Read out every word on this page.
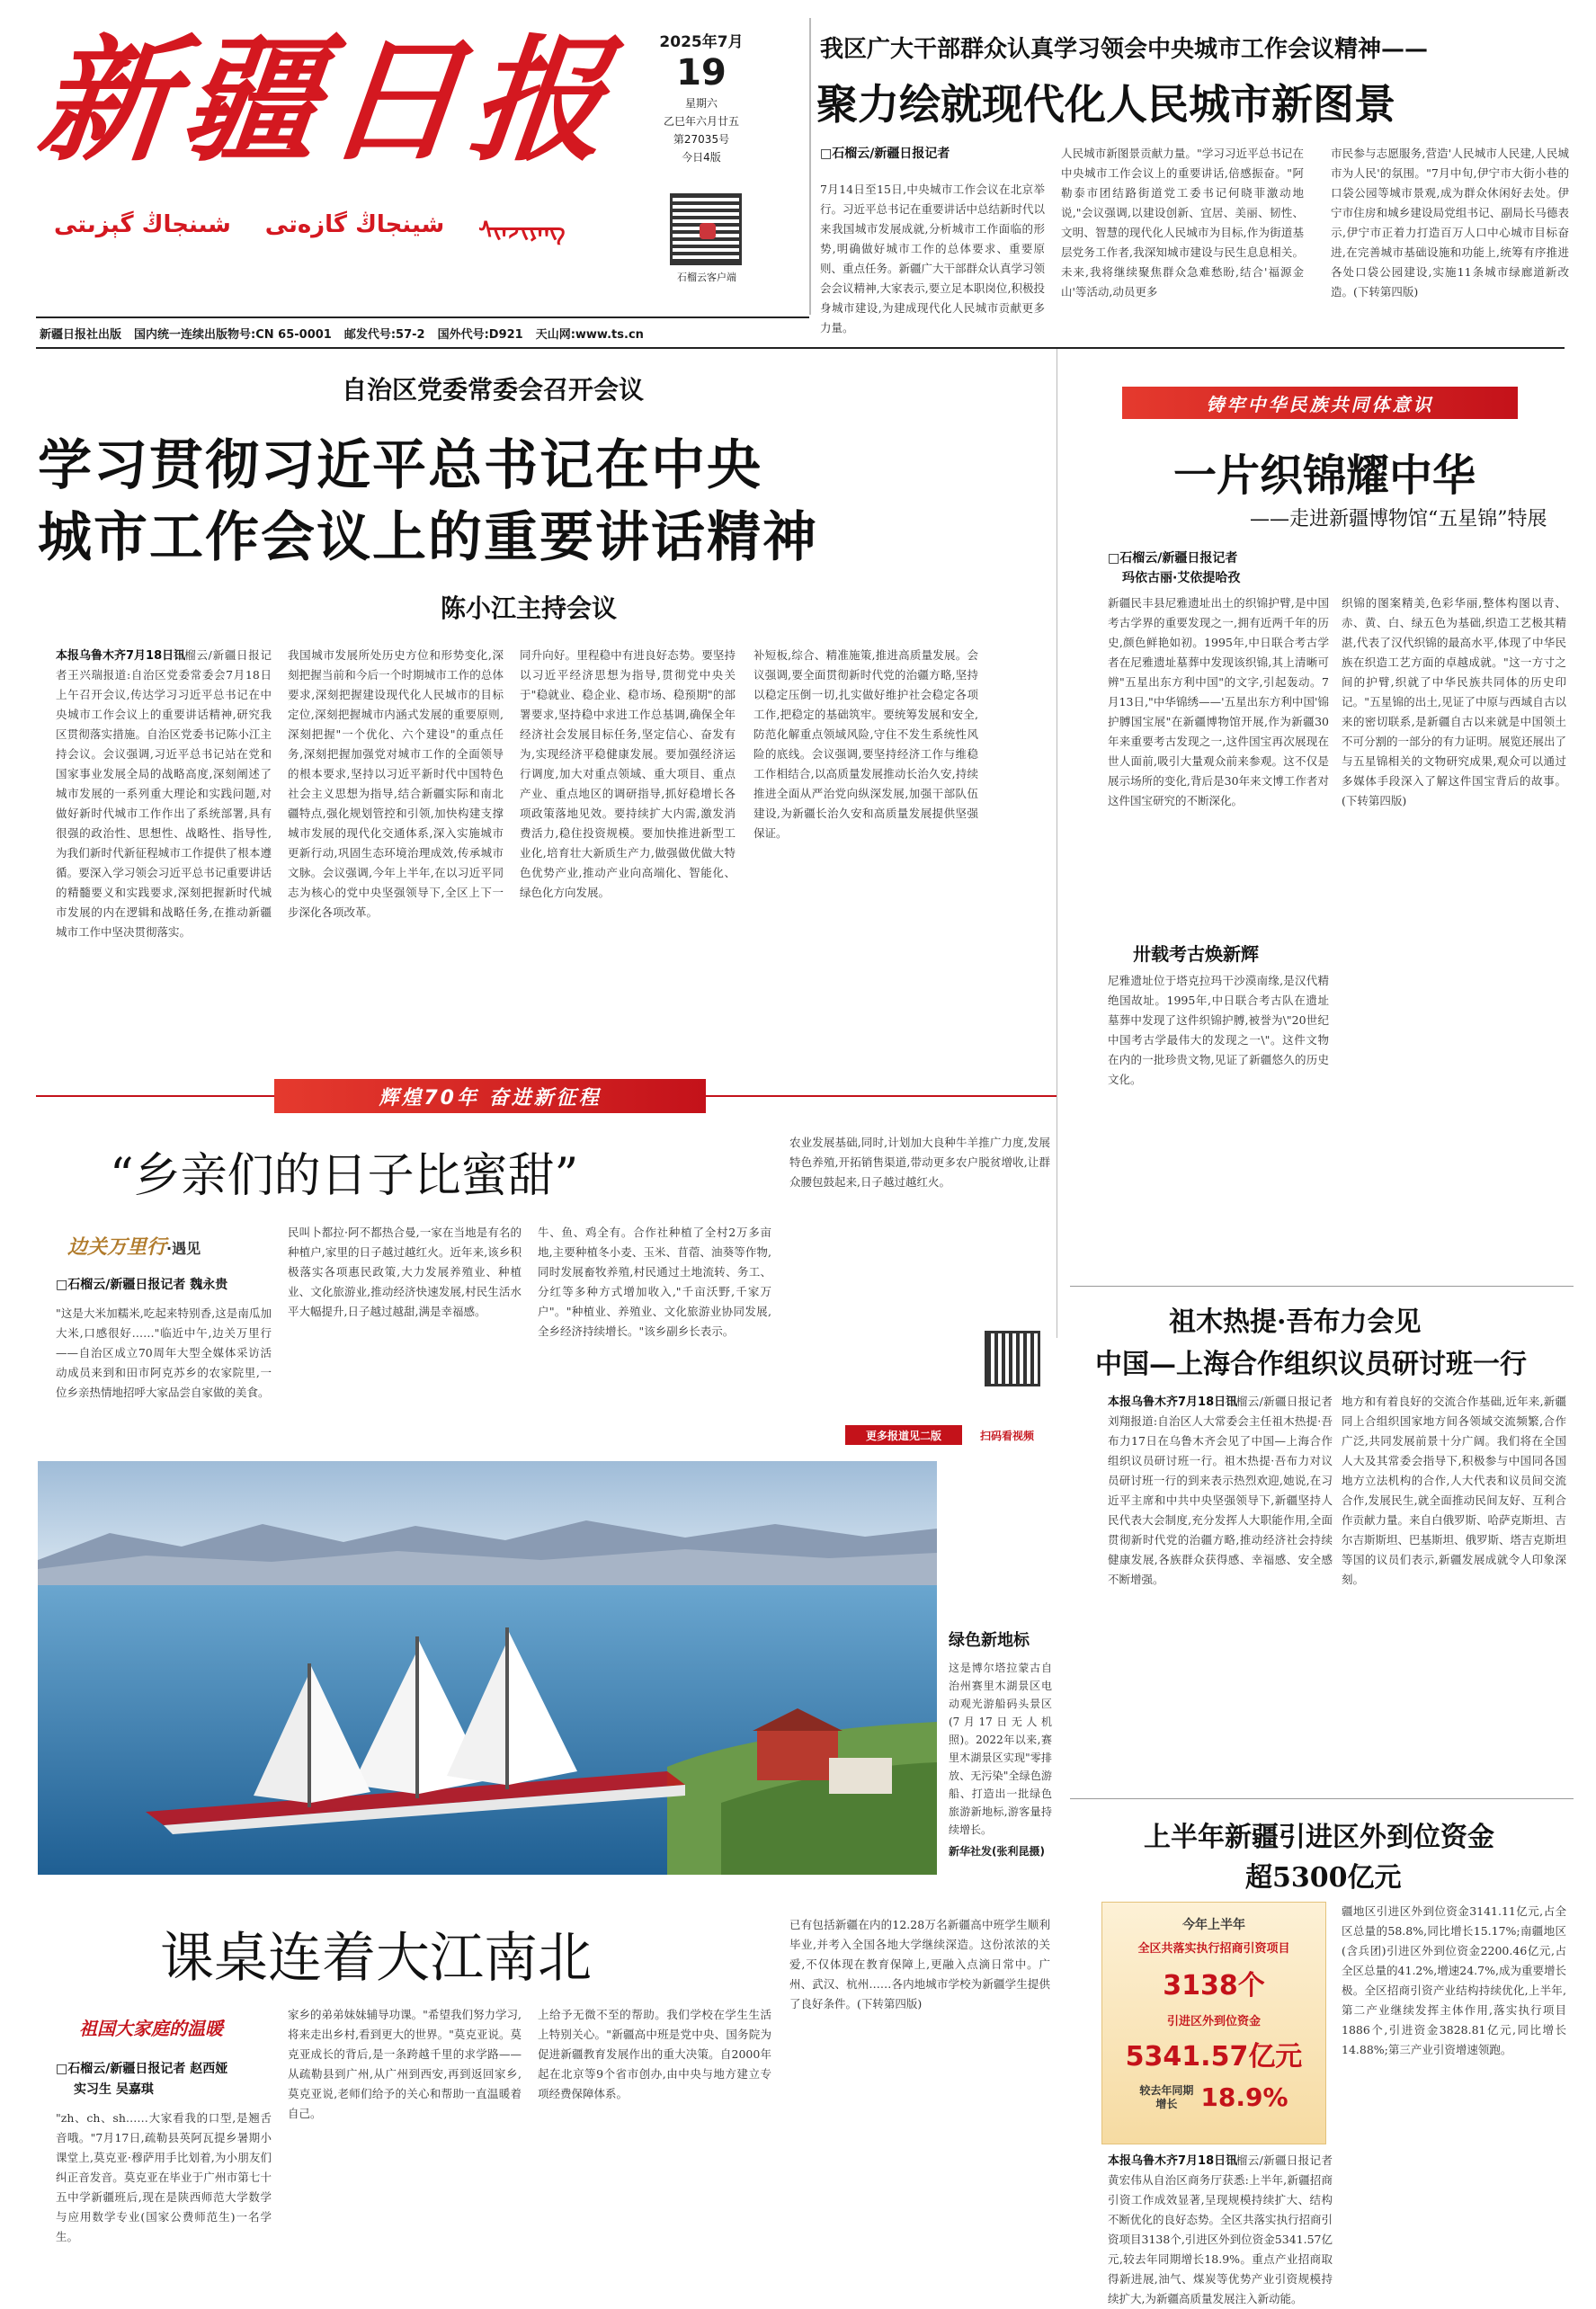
新疆日报
شىنجاڭ گېزىتى شينجاڭ گازەتى ᠰᠢᠨᠵᠢᠶᠠᠩ
2025年7月
19
星期六
乙巳年六月廿五
第27035号
今日4版
石榴云客户端
我区广大干部群众认真学习领会中央城市工作会议精神——
聚力绘就现代化人民城市新图景
□石榴云/新疆日报记者
7月14日至15日,中央城市工作会议在北京举行。习近平总书记在重要讲话中总结新时代以来我国城市发展成就,分析城市工作面临的形势,明确做好城市工作的总体要求、重要原则、重点任务。新疆广大干部群众认真学习领会会议精神,大家表示,要立足本职岗位,积极投身城市建设,为建成现代化人民城市贡献更多力量。
人民城市新图景贡献力量。"学习习近平总书记在中央城市工作会议上的重要讲话,倍感振奋。"阿勒泰市团结路街道党工委书记何晓菲激动地说,"会议强调,以建设创新、宜居、美丽、韧性、文明、智慧的现代化人民城市为目标,作为街道基层党务工作者,我深知城市建设与民生息息相关。未来,我将继续聚焦群众急难愁盼,结合'福源金山'等活动,动员更多
市民参与志愿服务,营造'人民城市人民建,人民城市为人民'的氛围。"7月中旬,伊宁市大街小巷的口袋公园等城市景观,成为群众休闲好去处。伊宁市住房和城乡建设局党组书记、副局长马德表示,伊宁市正着力打造百万人口中心城市目标奋进,在完善城市基础设施和功能上,统筹有序推进各处口袋公园建设,实施11条城市绿廊道新改造。(下转第四版)
新疆日报社出版 国内统一连续出版物号:CN 65-0001 邮发代号:57-2 国外代号:D921 天山网:www.ts.cn
自治区党委常委会召开会议
学习贯彻习近平总书记在中央
城市工作会议上的重要讲话精神
陈小江主持会议
本报乌鲁木齐7月18日讯
石榴云/新疆日报记者王兴瑞报道:自治区党委常委会7月18日上午召开会议,传达学习习近平总书记在中央城市工作会议上的重要讲话精神,研究我区贯彻落实措施。自治区党委书记陈小江主持会议。会议强调,习近平总书记站在党和国家事业发展全局的战略高度,深刻阐述了城市发展的一系列重大理论和实践问题,对做好新时代城市工作作出了系统部署,具有很强的政治性、思想性、战略性、指导性,为我们新时代新征程城市工作提供了根本遵循。要深入学习领会习近平总书记重要讲话的精髓要义和实践要求,深刻把握新时代城市发展的内在逻辑和战略任务,在推动新疆城市工作中坚决贯彻落实。
我国城市发展所处历史方位和形势变化,深刻把握当前和今后一个时期城市工作的总体要求,深刻把握建设现代化人民城市的目标定位,深刻把握城市内涵式发展的重要原则,深刻把握"一个优化、六个建设"的重点任务,深刻把握加强党对城市工作的全面领导的根本要求,坚持以习近平新时代中国特色社会主义思想为指导,结合新疆实际和南北疆特点,强化规划管控和引领,加快构建支撑城市发展的现代化交通体系,深入实施城市更新行动,巩固生态环境治理成效,传承城市文脉。会议强调,今年上半年,在以习近平同志为核心的党中央坚强领导下,全区上下一步深化各项改革。
同升向好。里程稳中有进良好态势。要坚持以习近平经济思想为指导,贯彻党中央关于"稳就业、稳企业、稳市场、稳预期"的部署要求,坚持稳中求进工作总基调,确保全年经济社会发展目标任务,坚定信心、奋发有为,实现经济平稳健康发展。要加强经济运行调度,加大对重点领域、重大项目、重点产业、重点地区的调研指导,抓好稳增长各项政策落地见效。要持续扩大内需,激发消费活力,稳住投资规模。要加快推进新型工业化,培育壮大新质生产力,做强做优做大特色优势产业,推动产业向高端化、智能化、绿色化方向发展。
补短板,综合、精准施策,推进高质量发展。会议强调,要全面贯彻新时代党的治疆方略,坚持以稳定压倒一切,扎实做好维护社会稳定各项工作,把稳定的基础筑牢。要统筹发展和安全,防范化解重点领域风险,守住不发生系统性风险的底线。会议强调,要坚持经济工作与维稳工作相结合,以高质量发展推动长治久安,持续推进全面从严治党向纵深发展,加强干部队伍建设,为新疆长治久安和高质量发展提供坚强保证。
铸牢中华民族共同体意识
一片织锦耀中华
——走进新疆博物馆“五星锦”特展
□石榴云/新疆日报记者
玛依古丽·艾依提哈孜
新疆民丰县尼雅遗址出土的织锦护臂,是中国考古学界的重要发现之一,拥有近两千年的历史,颜色鲜艳如初。1995年,中日联合考古学者在尼雅遗址墓葬中发现该织锦,其上清晰可辨"五星出东方利中国"的文字,引起轰动。7月13日,"中华锦绣——'五星出东方利中国'锦护膊国宝展"在新疆博物馆开展,作为新疆30年来重要考古发现之一,这件国宝再次展现在世人面前,吸引大量观众前来参观。这不仅是展示场所的变化,背后是30年来文博工作者对这件国宝研究的不断深化。
卅载考古焕新辉
尼雅遗址位于塔克拉玛干沙漠南缘,是汉代精绝国故址。1995年,中日联合考古队在遗址墓葬中发现了这件织锦护膊,被誉为\"20世纪中国考古学最伟大的发现之一\"。这件文物在内的一批珍贵文物,见证了新疆悠久的历史文化。
织锦的图案精美,色彩华丽,整体构图以青、赤、黄、白、绿五色为基础,织造工艺极其精湛,代表了汉代织锦的最高水平,体现了中华民族在织造工艺方面的卓越成就。"这一方寸之间的护臂,织就了中华民族共同体的历史印记。"五星锦的出土,见证了中原与西域自古以来的密切联系,是新疆自古以来就是中国领土不可分割的一部分的有力证明。展览还展出了与五星锦相关的文物研究成果,观众可以通过多媒体手段深入了解这件国宝背后的故事。(下转第四版)
辉煌70年 奋进新征程
“乡亲们的日子比蜜甜”
边关万里行·遇见
□石榴云/新疆日报记者 魏永贵
"这是大米加糯米,吃起来特别香,这是南瓜加大米,口感很好……"临近中午,边关万里行——自治区成立70周年大型全媒体采访活动成员来到和田市阿克苏乡的农家院里,一位乡亲热情地招呼大家品尝自家做的美食。
民叫卜都拉·阿不都热合曼,一家在当地是有名的种植户,家里的日子越过越红火。近年来,该乡积极落实各项惠民政策,大力发展养殖业、种植业、文化旅游业,推动经济快速发展,村民生活水平大幅提升,日子越过越甜,满是幸福感。
牛、鱼、鸡全有。合作社种植了全村2万多亩地,主要种植冬小麦、玉米、苜蓿、油葵等作物,同时发展畜牧养殖,村民通过土地流转、务工、分红等多种方式增加收入,"千亩沃野,千家万户"。"种植业、养殖业、文化旅游业协同发展,全乡经济持续增长。"该乡副乡长表示。
农业发展基础,同时,计划加大良种牛羊推广力度,发展特色养殖,开拓销售渠道,带动更多农户脱贫增收,让群众腰包鼓起来,日子越过越红火。
更多报道见二版	扫码看视频
绿色新地标
这是博尔塔拉蒙古自治州赛里木湖景区电动观光游船码头景区(7月17日无人机照)。2022年以来,赛里木湖景区实现"零排放、无污染"全绿色游船、打造出一批绿色旅游新地标,游客量持续增长。
新华社发(张利昆摄)
课桌连着大江南北
祖国大家庭的温暖
□石榴云/新疆日报记者 赵西娅
实习生 吴嘉琪
"zh、ch、sh……大家看我的口型,是翘舌音哦。"7月17日,疏勒县英阿瓦提乡暑期小课堂上,莫克亚·穆萨用手比划着,为小朋友们纠正音发音。莫克亚在毕业于广州市第七十五中学新疆班后,现在是陕西师范大学数学与应用数学专业(国家公费师范生)一名学生。
家乡的弟弟妹妹辅导功课。"希望我们努力学习,将来走出乡村,看到更大的世界。"莫克亚说。莫克亚成长的背后,是一条跨越千里的求学路——从疏勒县到广州,从广州到西安,再到返回家乡,莫克亚说,老师们给予的关心和帮助一直温暖着自己。
上给予无微不至的帮助。我们学校在学生生活上特别关心。"新疆高中班是党中央、国务院为促进新疆教育发展作出的重大决策。自2000年起在北京等9个省市创办,由中央与地方建立专项经费保障体系。
已有包括新疆在内的12.28万名新疆高中班学生顺利毕业,并考入全国各地大学继续深造。这份浓浓的关爱,不仅体现在教育保障上,更融入点滴日常中。广州、武汉、杭州……各内地城市学校为新疆学生提供了良好条件。(下转第四版)
祖木热提·吾布力会见
中国—上海合作组织议员研讨班一行
本报乌鲁木齐7月18日讯
石榴云/新疆日报记者刘翔报道:自治区人大常委会主任祖木热提·吾布力17日在乌鲁木齐会见了中国—上海合作组织议员研讨班一行。祖木热提·吾布力对议员研讨班一行的到来表示热烈欢迎,她说,在习近平主席和中共中央坚强领导下,新疆坚持人民代表大会制度,充分发挥人大职能作用,全面贯彻新时代党的治疆方略,推动经济社会持续健康发展,各族群众获得感、幸福感、安全感不断增强。
地方和有着良好的交流合作基础,近年来,新疆同上合组织国家地方间各领域交流频繁,合作广泛,共同发展前景十分广阔。我们将在全国人大及其常委会指导下,积极参与中国同各国地方立法机构的合作,人大代表和议员间交流合作,发展民生,就全面推动民间友好、互利合作贡献力量。来自白俄罗斯、哈萨克斯坦、吉尔吉斯斯坦、巴基斯坦、俄罗斯、塔吉克斯坦等国的议员们表示,新疆发展成就令人印象深刻。
上半年新疆引进区外到位资金
超5300亿元
今年上半年
全区共落实执行招商引资项目
3138个
引进区外到位资金
5341.57亿元
较去年同期增长 18.9%
本报乌鲁木齐7月18日讯
石榴云/新疆日报记者黄宏伟从自治区商务厅获悉:上半年,新疆招商引资工作成效显著,呈现规模持续扩大、结构不断优化的良好态势。全区共落实执行招商引资项目3138个,引进区外到位资金5341.57亿元,较去年同期增长18.9%。重点产业招商取得新进展,油气、煤炭等优势产业引资规模持续扩大,为新疆高质量发展注入新动能。
疆地区引进区外到位资金3141.11亿元,占全区总量的58.8%,同比增长15.17%;南疆地区(含兵团)引进区外到位资金2200.46亿元,占全区总量的41.2%,增速24.7%,成为重要增长极。全区招商引资产业结构持续优化,上半年,第二产业继续发挥主体作用,落实执行项目1886个,引进资金3828.81亿元,同比增长14.88%;第三产业引资增速领跑。
